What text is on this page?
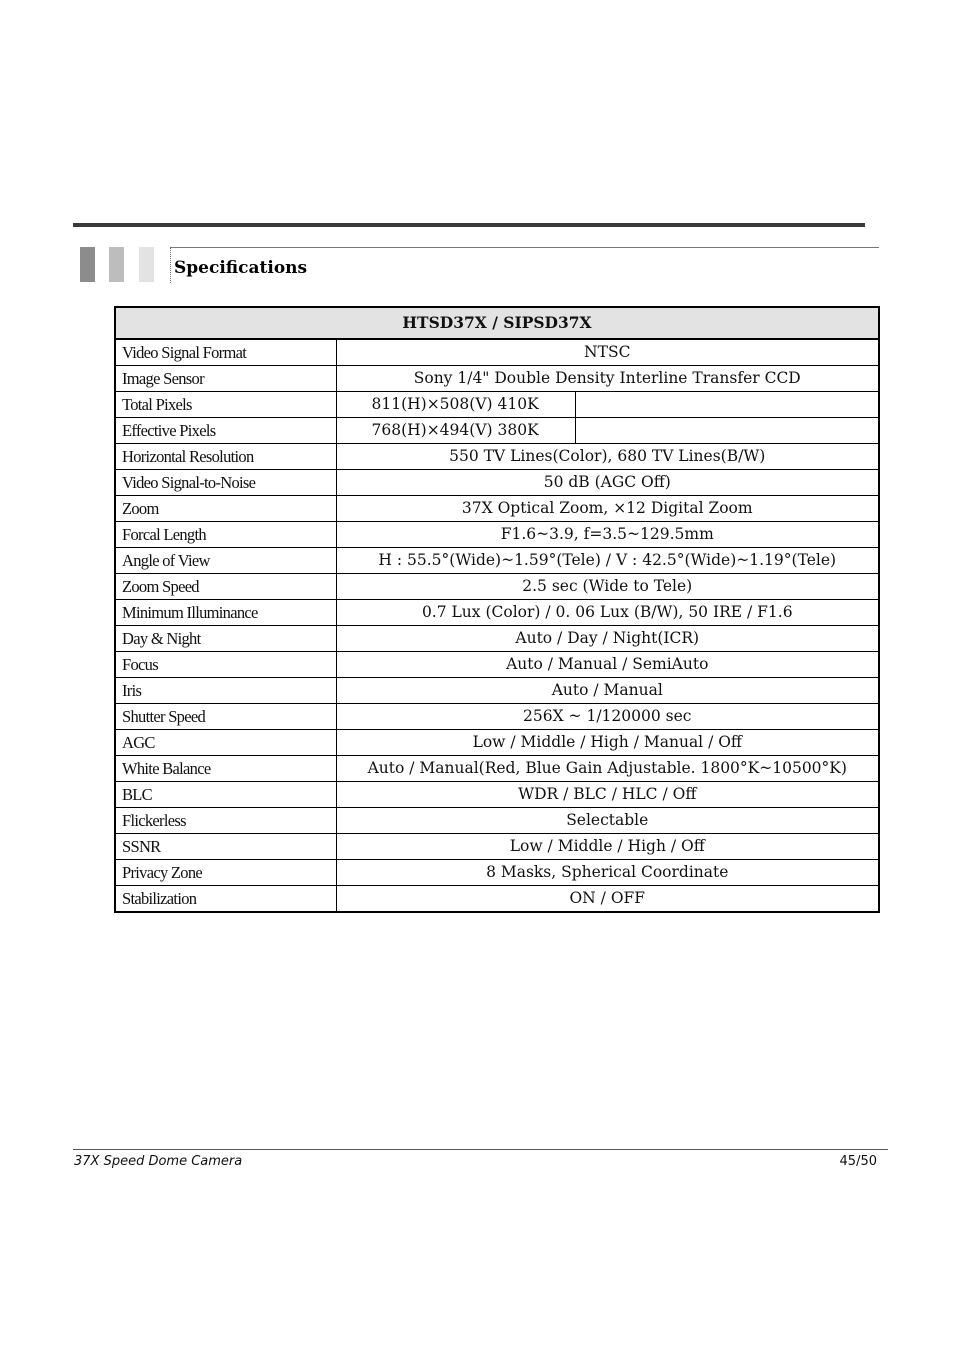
Specifications
HTSD37X / SIPSD37X		
Video Signal Format	NTSC	
Image Sensor	Sony 1/4" Double Density Interline Transfer CCD	
Total Pixels	811(H)×508(V) 410K	
Effective Pixels	768(H)×494(V) 380K	
Horizontal Resolution	550 TV Lines(Color), 680 TV Lines(B/W)	
Video Signal-to-Noise	50 dB (AGC Off)	
Zoom	37X Optical Zoom, ×12 Digital Zoom	
Forcal Length	F1.6~3.9, f=3.5~129.5mm	
Angle of View	H : 55.5°(Wide)~1.59°(Tele) / V : 42.5°(Wide)~1.19°(Tele)	
Zoom Speed	2.5 sec (Wide to Tele)	
Minimum Illuminance	0.7 Lux (Color) / 0. 06 Lux (B/W), 50 IRE / F1.6	
Day & Night	Auto / Day / Night(ICR)	
Focus	Auto / Manual / SemiAuto	
Iris	Auto / Manual	
Shutter Speed	256X ~ 1/120000 sec	
AGC	Low / Middle / High / Manual / Off	
White Balance	Auto / Manual(Red, Blue Gain Adjustable. 1800°K~10500°K)	
BLC	WDR / BLC / HLC / Off	
Flickerless	Selectable	
SSNR	Low / Middle / High / Off	
Privacy Zone	8 Masks, Spherical Coordinate	
Stabilization	ON / OFF	
37X Speed Dome Camera	45/50
